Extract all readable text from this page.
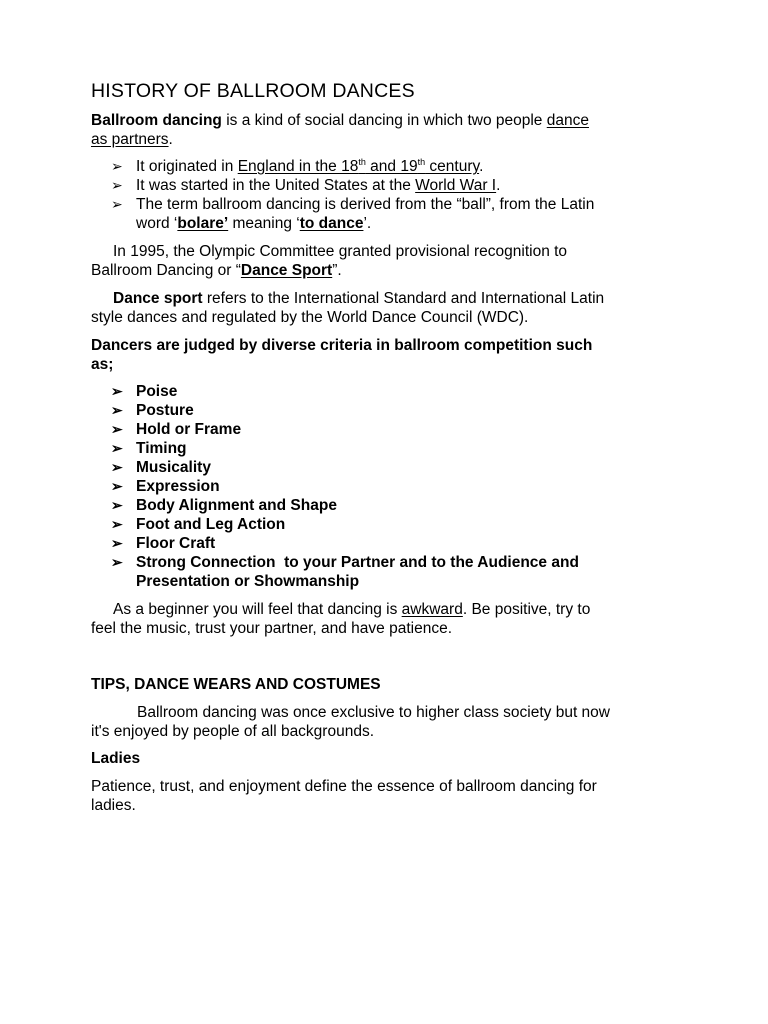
HISTORY OF BALLROOM DANCES
Ballroom dancing is a kind of social dancing in which two people dance
as partners.
➢ It originated in England in the 18th and 19th century.
➢ It was started in the United States at the World War I.
➢ The term ballroom dancing is derived from the “ball”, from the Latin
word ‘bolare’ meaning ‘to dance’.
In 1995, the Olympic Committee granted provisional recognition to
Ballroom Dancing or “Dance Sport”.
Dance sport refers to the International Standard and International Latin
style dances and regulated by the World Dance Council (WDC).
Dancers are judged by diverse criteria in ballroom competition such
as;
➢ Poise
➢ Posture
➢ Hold or Frame
➢ Timing
➢ Musicality
➢ Expression
➢ Body Alignment and Shape
➢ Foot and Leg Action
➢ Floor Craft
➢ Strong Connection  to your Partner and to the Audience and
Presentation or Showmanship
As a beginner you will feel that dancing is awkward. Be positive, try to
feel the music, trust your partner, and have patience.
TIPS, DANCE WEARS AND COSTUMES
Ballroom dancing was once exclusive to higher class society but now
it's enjoyed by people of all backgrounds.
Ladies
Patience, trust, and enjoyment define the essence of ballroom dancing for
ladies.
